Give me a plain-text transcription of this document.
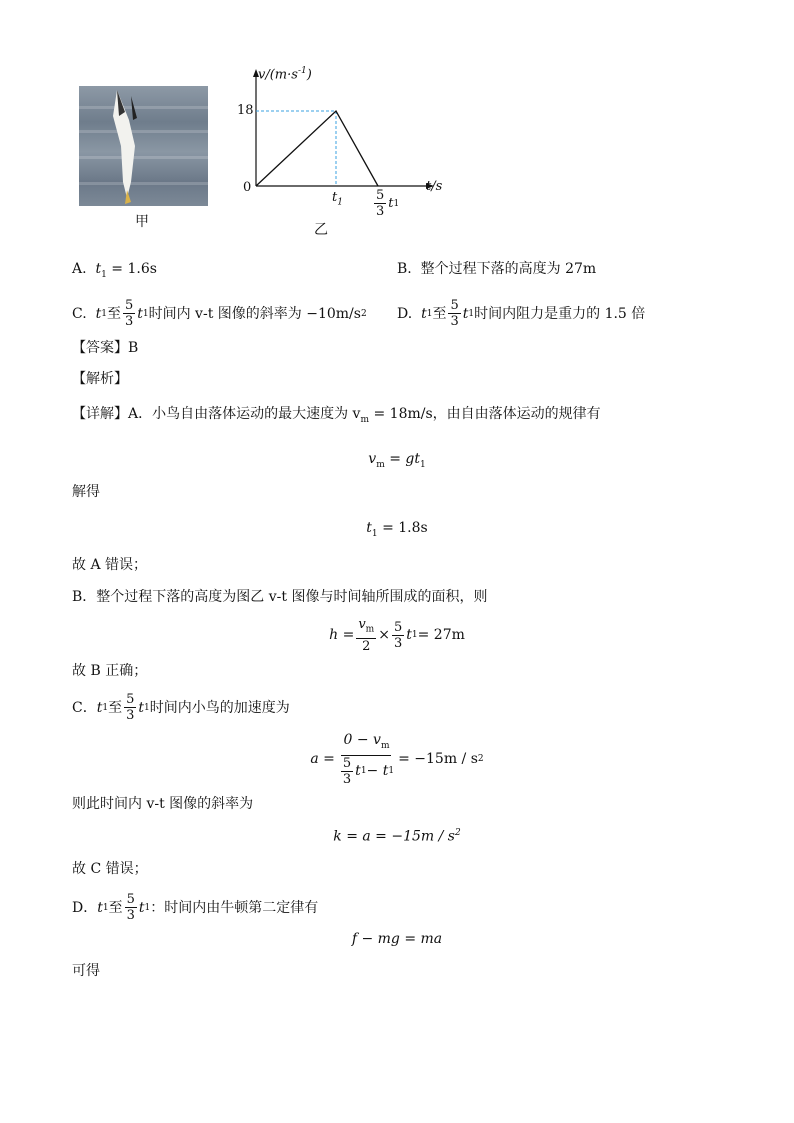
甲
$v/(m\cdot s^{-1})$
18
0
$t_1 \frac{5}{3}$ t 1
t/s
乙
A. $t_1 = 1.6s$	B. 整个过程下落的高度为 27m
C.
t 1 至 $\frac{5}{3}$ t 1 时间内 v-t 图像的斜率为 −10m/s 2 D.
t 1 至 $\frac{5}{3}$ t 1 时间内阻力是重力的 1.5 倍
【答案】B
【解析】
【详解】A．小鸟自由落体运动的最大速度为 $v_m = 18m/s$，由自由落体运动的规律有
$v_m = gt_1$
解得
$t_1 = 1.8s$
故 A 错误；
B．整个过程下落的高度为图乙 v-t 图像与时间轴所围成的面积，则
$h = \frac{v_m}{2} \times \frac{5}{3}$ t 1 = 27m
故 B 正确；
C． t 1 至 $\frac{5}{3}$ t 1 时间内小鸟的加速度为
$a = \frac{0 - v_m}{\frac{5}{3} t 1 - t 1} = -15m / s$ 2
则此时间内 v-t 图像的斜率为
$k = a = -15m / s^2$
故 C 错误；
D． t 1 至 $\frac{5}{3}$ t 1 ：时间内由牛顿第二定律有
f − mg = ma
可得
